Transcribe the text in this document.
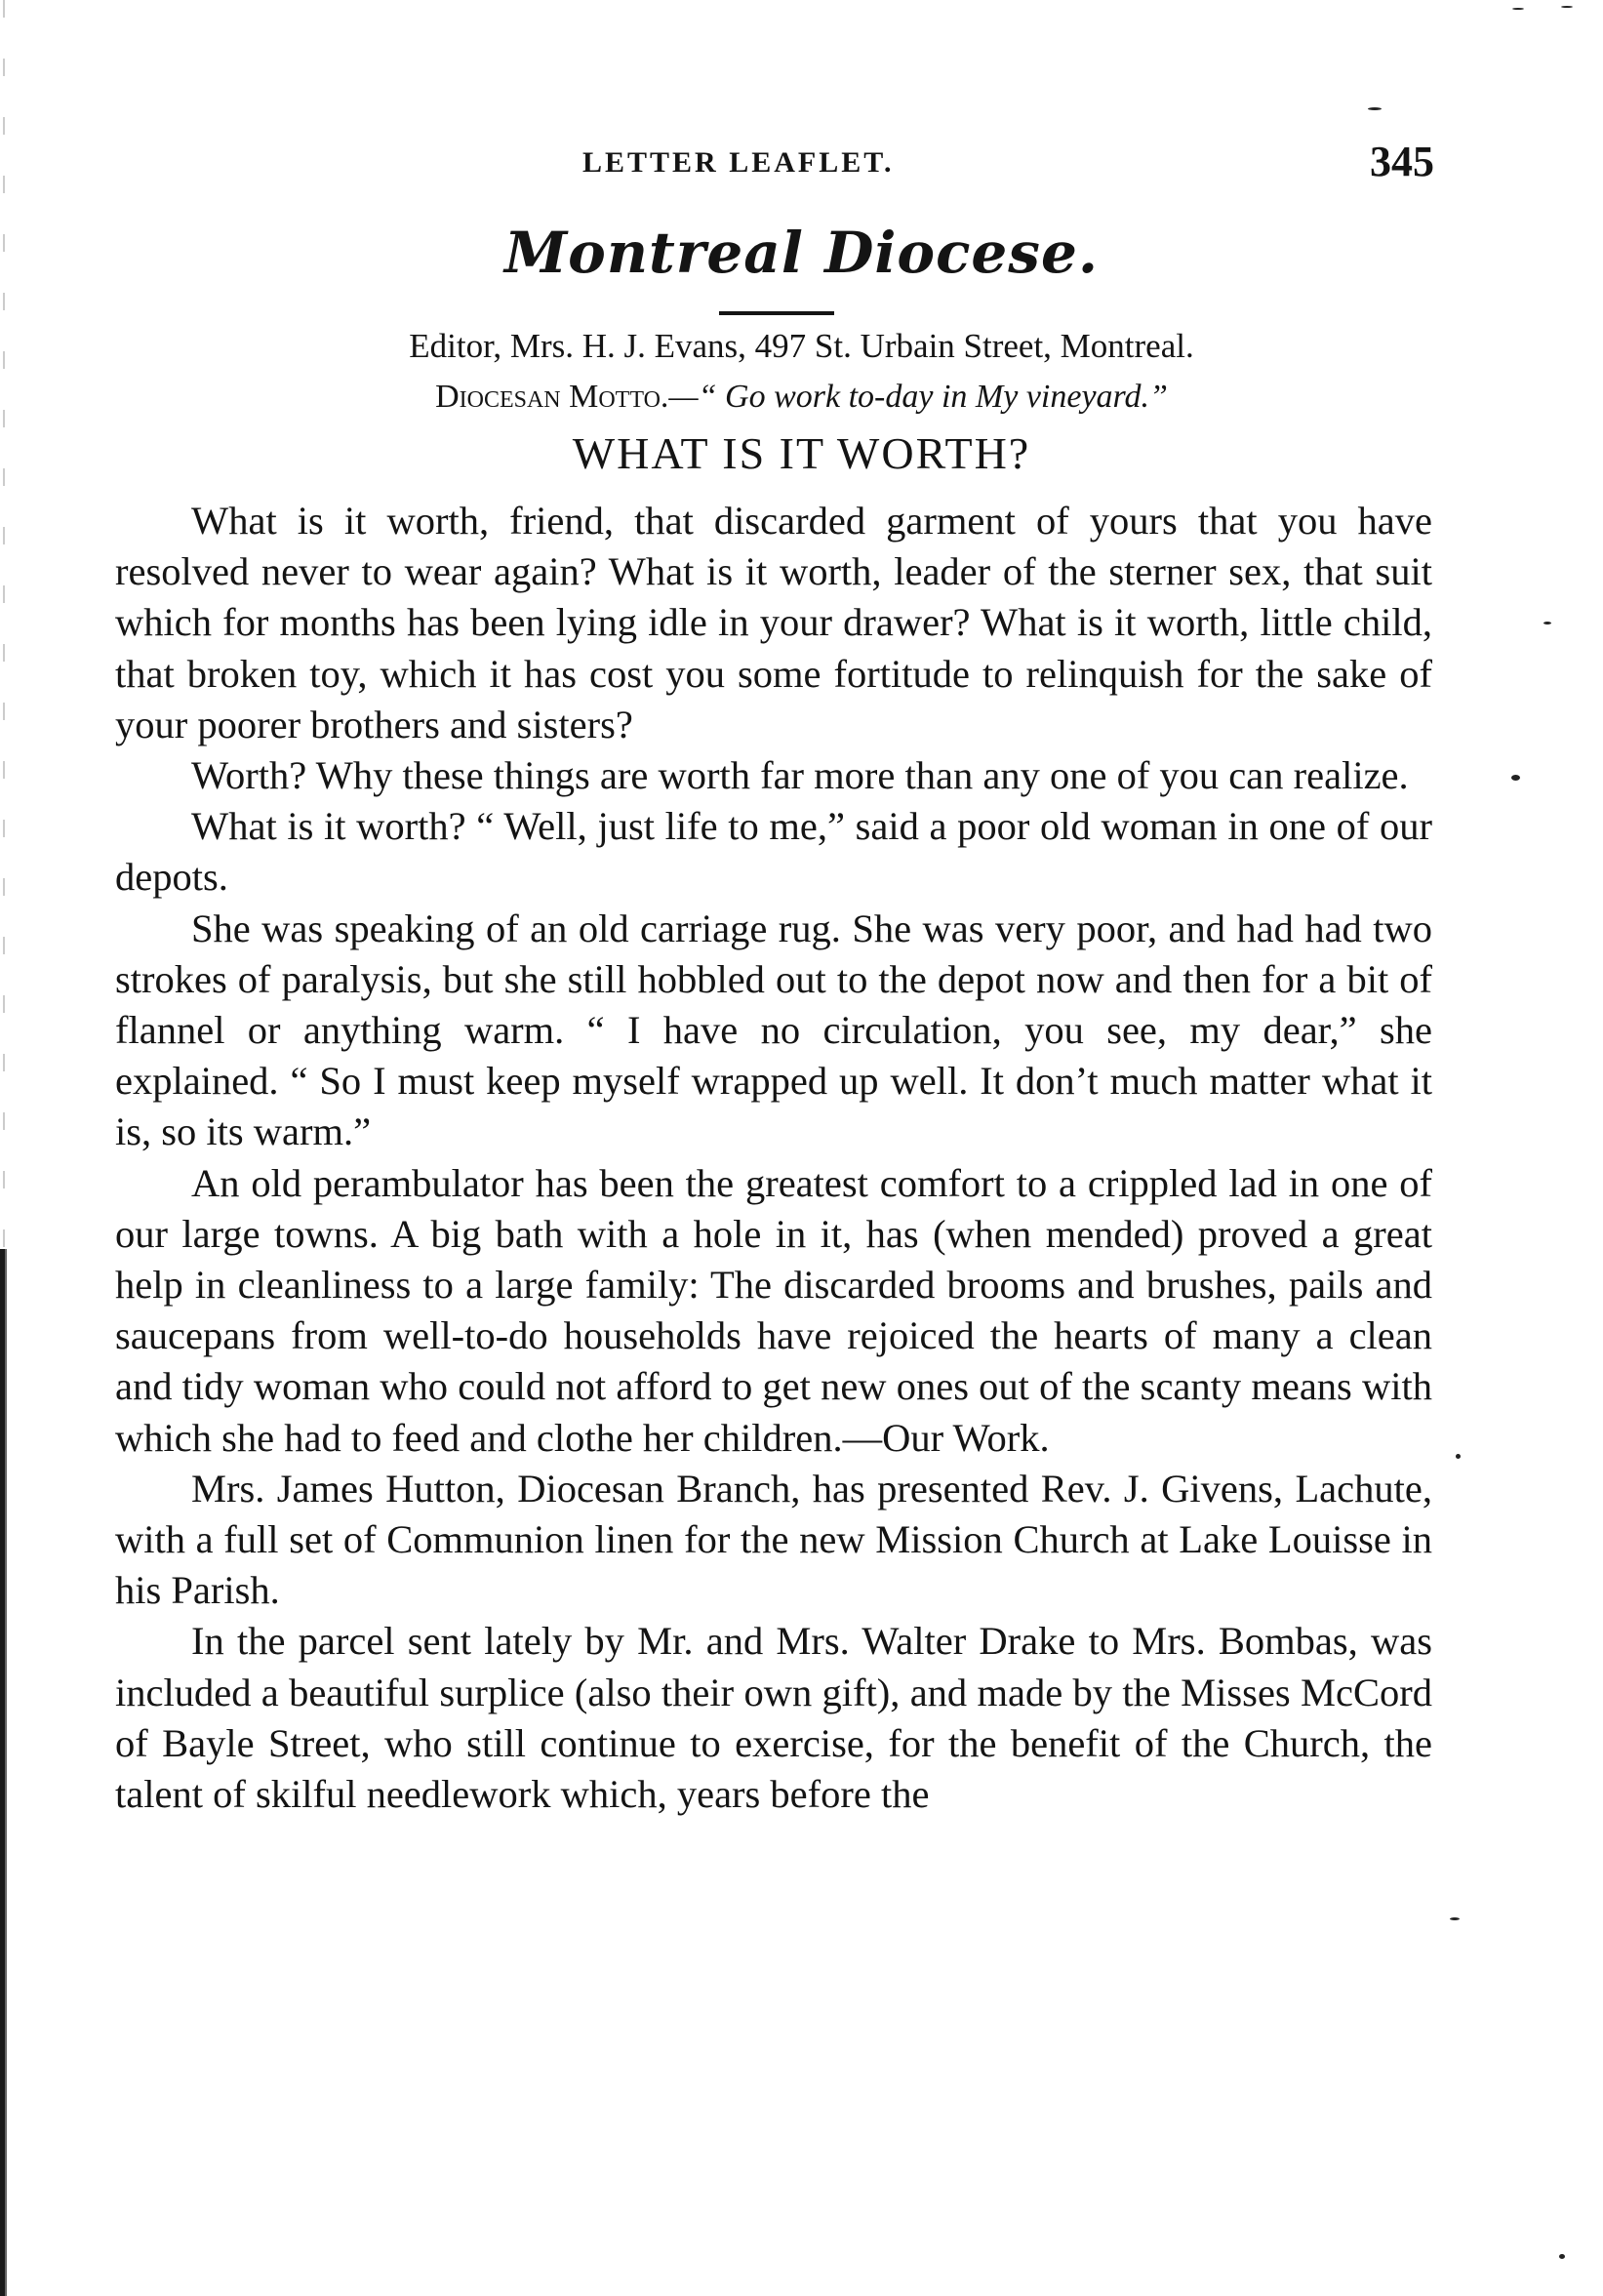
LETTER LEAFLET.	345
Montreal Diocese.
Editor, Mrs. H. J. Evans, 497 St. Urbain Street, Montreal.
Diocesan Motto.—“ Go work to-day in My vineyard.”
WHAT IS IT WORTH?

What is it worth, friend, that discarded garment of yours that you have resolved never to wear again? What is it worth, leader of the sterner sex, that suit which for months has been lying idle in your drawer? What is it worth, little child, that broken toy, which it has cost you some fortitude to relinquish for the sake of your poorer brothers and sisters?

Worth? Why these things are worth far more than any one of you can realize.

What is it worth? “ Well, just life to me,” said a poor old woman in one of our depots.

She was speaking of an old carriage rug. She was very poor, and had had two strokes of paralysis, but she still hobbled out to the depot now and then for a bit of flannel or anything warm. “ I have no circulation, you see, my dear,” she explained. “ So I must keep myself wrapped up well. It don’t much matter what it is, so its warm.”

An old perambulator has been the greatest comfort to a crippled lad in one of our large towns. A big bath with a hole in it, has (when mended) proved a great help in cleanliness to a large family: The discarded brooms and brushes, pails and saucepans from well-to-do households have rejoiced the hearts of many a clean and tidy woman who could not afford to get new ones out of the scanty means with which she had to feed and clothe her children.—Our Work.

Mrs. James Hutton, Diocesan Branch, has presented Rev. J. Givens, Lachute, with a full set of Communion linen for the new Mission Church at Lake Louisse in his Parish.

In the parcel sent lately by Mr. and Mrs. Walter Drake to Mrs. Bombas, was included a beautiful surplice (also their own gift), and made by the Misses McCord of Bayle Street, who still continue to exercise, for the benefit of the Church, the talent of skilful needlework which, years before the
